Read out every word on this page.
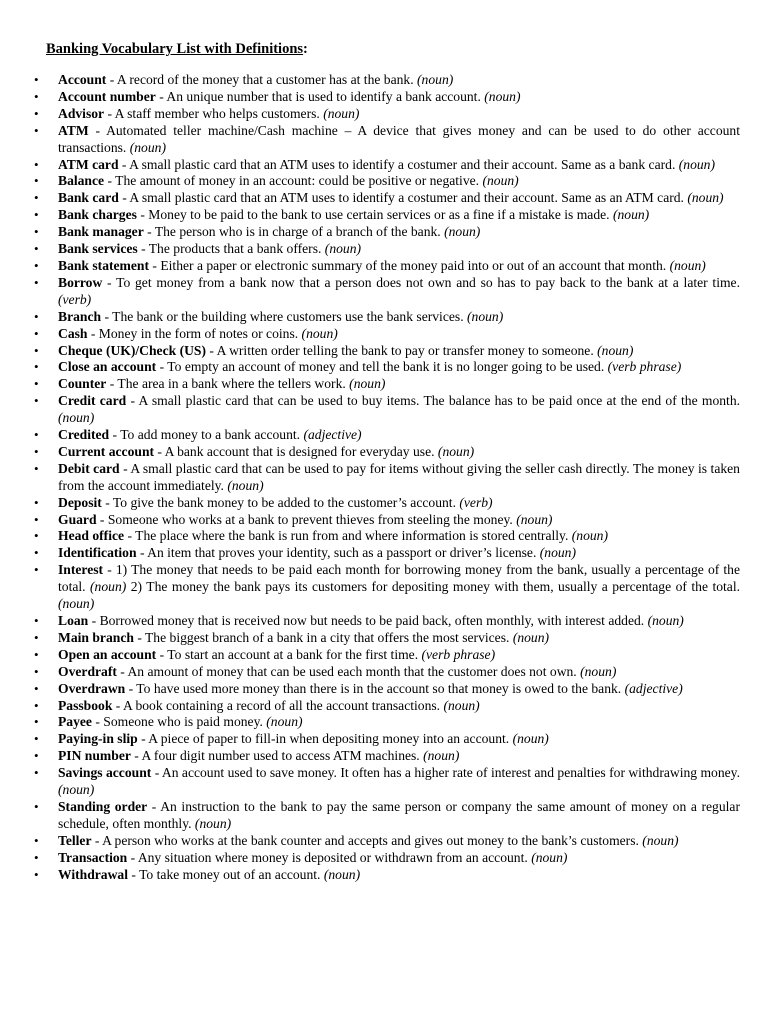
Banking Vocabulary List with Definitions:
• Account - A record of the money that a customer has at the bank. (noun)
• Account number - An unique number that is used to identify a bank account. (noun)
• Advisor - A staff member who helps customers. (noun)
• ATM - Automated teller machine/Cash machine – A device that gives money and can be used to do other account transactions. (noun)
• ATM card - A small plastic card that an ATM uses to identify a costumer and their account. Same as a bank card. (noun)
• Balance - The amount of money in an account: could be positive or negative. (noun)
• Bank card - A small plastic card that an ATM uses to identify a costumer and their account. Same as an ATM card. (noun)
• Bank charges - Money to be paid to the bank to use certain services or as a fine if a mistake is made. (noun)
• Bank manager - The person who is in charge of a branch of the bank. (noun)
• Bank services - The products that a bank offers. (noun)
• Bank statement - Either a paper or electronic summary of the money paid into or out of an account that month. (noun)
• Borrow - To get money from a bank now that a person does not own and so has to pay back to the bank at a later time. (verb)
• Branch - The bank or the building where customers use the bank services. (noun)
• Cash - Money in the form of notes or coins. (noun)
• Cheque (UK)/Check (US) - A written order telling the bank to pay or transfer money to someone. (noun)
• Close an account - To empty an account of money and tell the bank it is no longer going to be used. (verb phrase)
• Counter - The area in a bank where the tellers work. (noun)
• Credit card - A small plastic card that can be used to buy items. The balance has to be paid once at the end of the month. (noun)
• Credited - To add money to a bank account. (adjective)
• Current account - A bank account that is designed for everyday use. (noun)
• Debit card - A small plastic card that can be used to pay for items without giving the seller cash directly. The money is taken from the account immediately. (noun)
• Deposit - To give the bank money to be added to the customer’s account. (verb)
• Guard - Someone who works at a bank to prevent thieves from steeling the money. (noun)
• Head office - The place where the bank is run from and where information is stored centrally. (noun)
• Identification - An item that proves your identity, such as a passport or driver’s license. (noun)
• Interest - 1) The money that needs to be paid each month for borrowing money from the bank, usually a percentage of the total. (noun) 2) The money the bank pays its customers for depositing money with them, usually a percentage of the total. (noun)
• Loan - Borrowed money that is received now but needs to be paid back, often monthly, with interest added. (noun)
• Main branch - The biggest branch of a bank in a city that offers the most services. (noun)
• Open an account - To start an account at a bank for the first time. (verb phrase)
• Overdraft - An amount of money that can be used each month that the customer does not own. (noun)
• Overdrawn - To have used more money than there is in the account so that money is owed to the bank. (adjective)
• Passbook - A book containing a record of all the account transactions. (noun)
• Payee - Someone who is paid money. (noun)
• Paying-in slip - A piece of paper to fill-in when depositing money into an account. (noun)
• PIN number - A four digit number used to access ATM machines. (noun)
• Savings account - An account used to save money. It often has a higher rate of interest and penalties for withdrawing money. (noun)
• Standing order - An instruction to the bank to pay the same person or company the same amount of money on a regular schedule, often monthly. (noun)
• Teller - A person who works at the bank counter and accepts and gives out money to the bank’s customers. (noun)
• Transaction - Any situation where money is deposited or withdrawn from an account. (noun)
• Withdrawal - To take money out of an account. (noun)
